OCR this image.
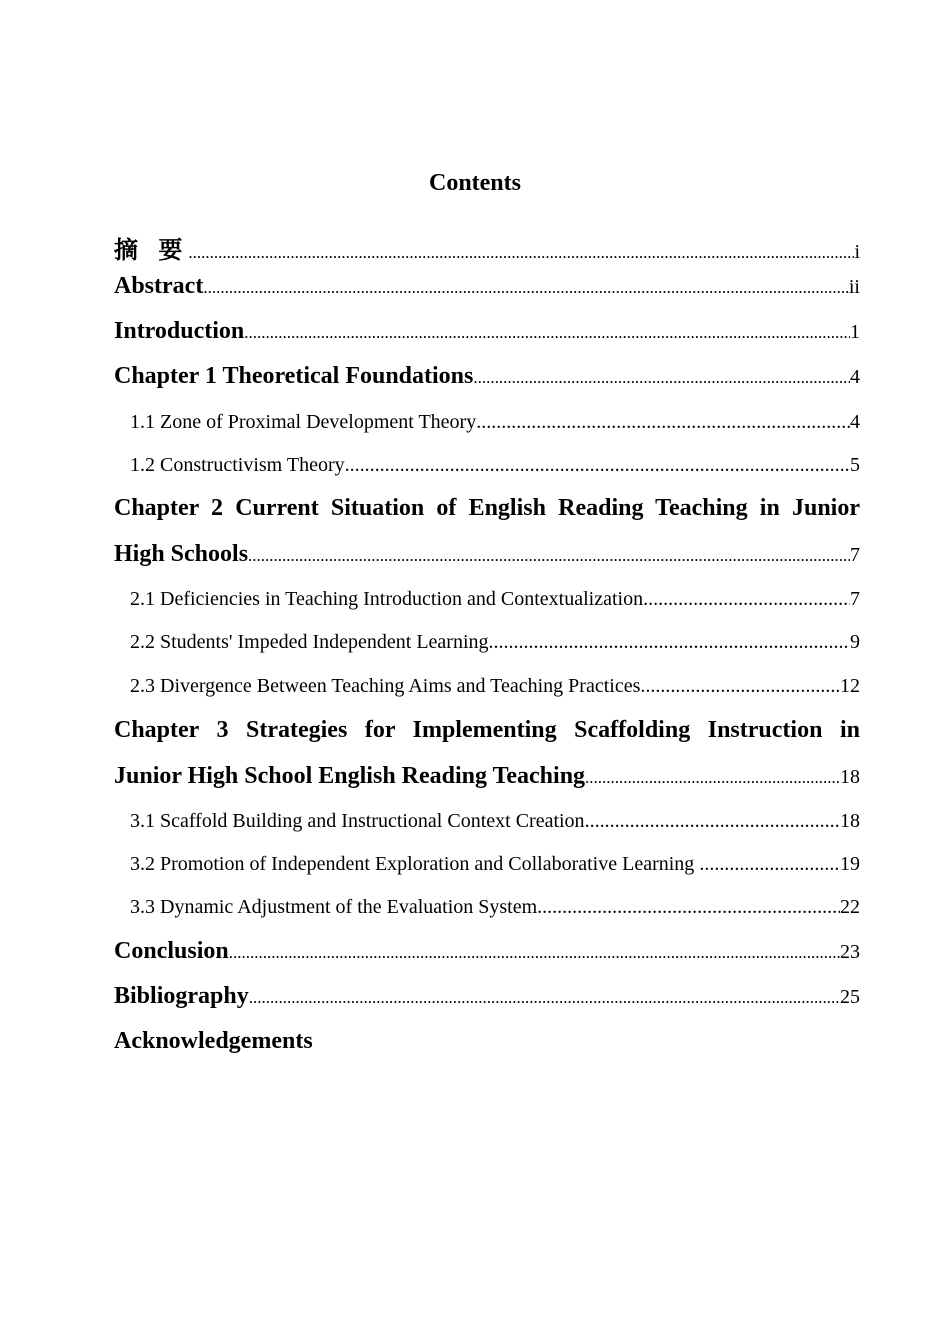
Contents
摘 要 .....	i
Abstract .....	ii
Introduction .....	1
Chapter 1 Theoretical Foundations .....	4
1.1 Zone of Proximal Development Theory .....	4
1.2 Constructivism Theory .....	5
Chapter 2 Current Situation of English Reading Teaching in Junior
High Schools .....	7
2.1 Deficiencies in Teaching Introduction and Contextualization .....	7
2.2 Students' Impeded Independent Learning .....	9
2.3 Divergence Between Teaching Aims and Teaching Practices .....	12
Chapter 3 Strategies for Implementing Scaffolding Instruction in
Junior High School English Reading Teaching .....	18
3.1 Scaffold Building and Instructional Context Creation .....	18
3.2 Promotion of Independent Exploration and Collaborative Learning .....	19
3.3 Dynamic Adjustment of the Evaluation System .....	22
Conclusion .....	23
Bibliography .....	25
Acknowledgements
